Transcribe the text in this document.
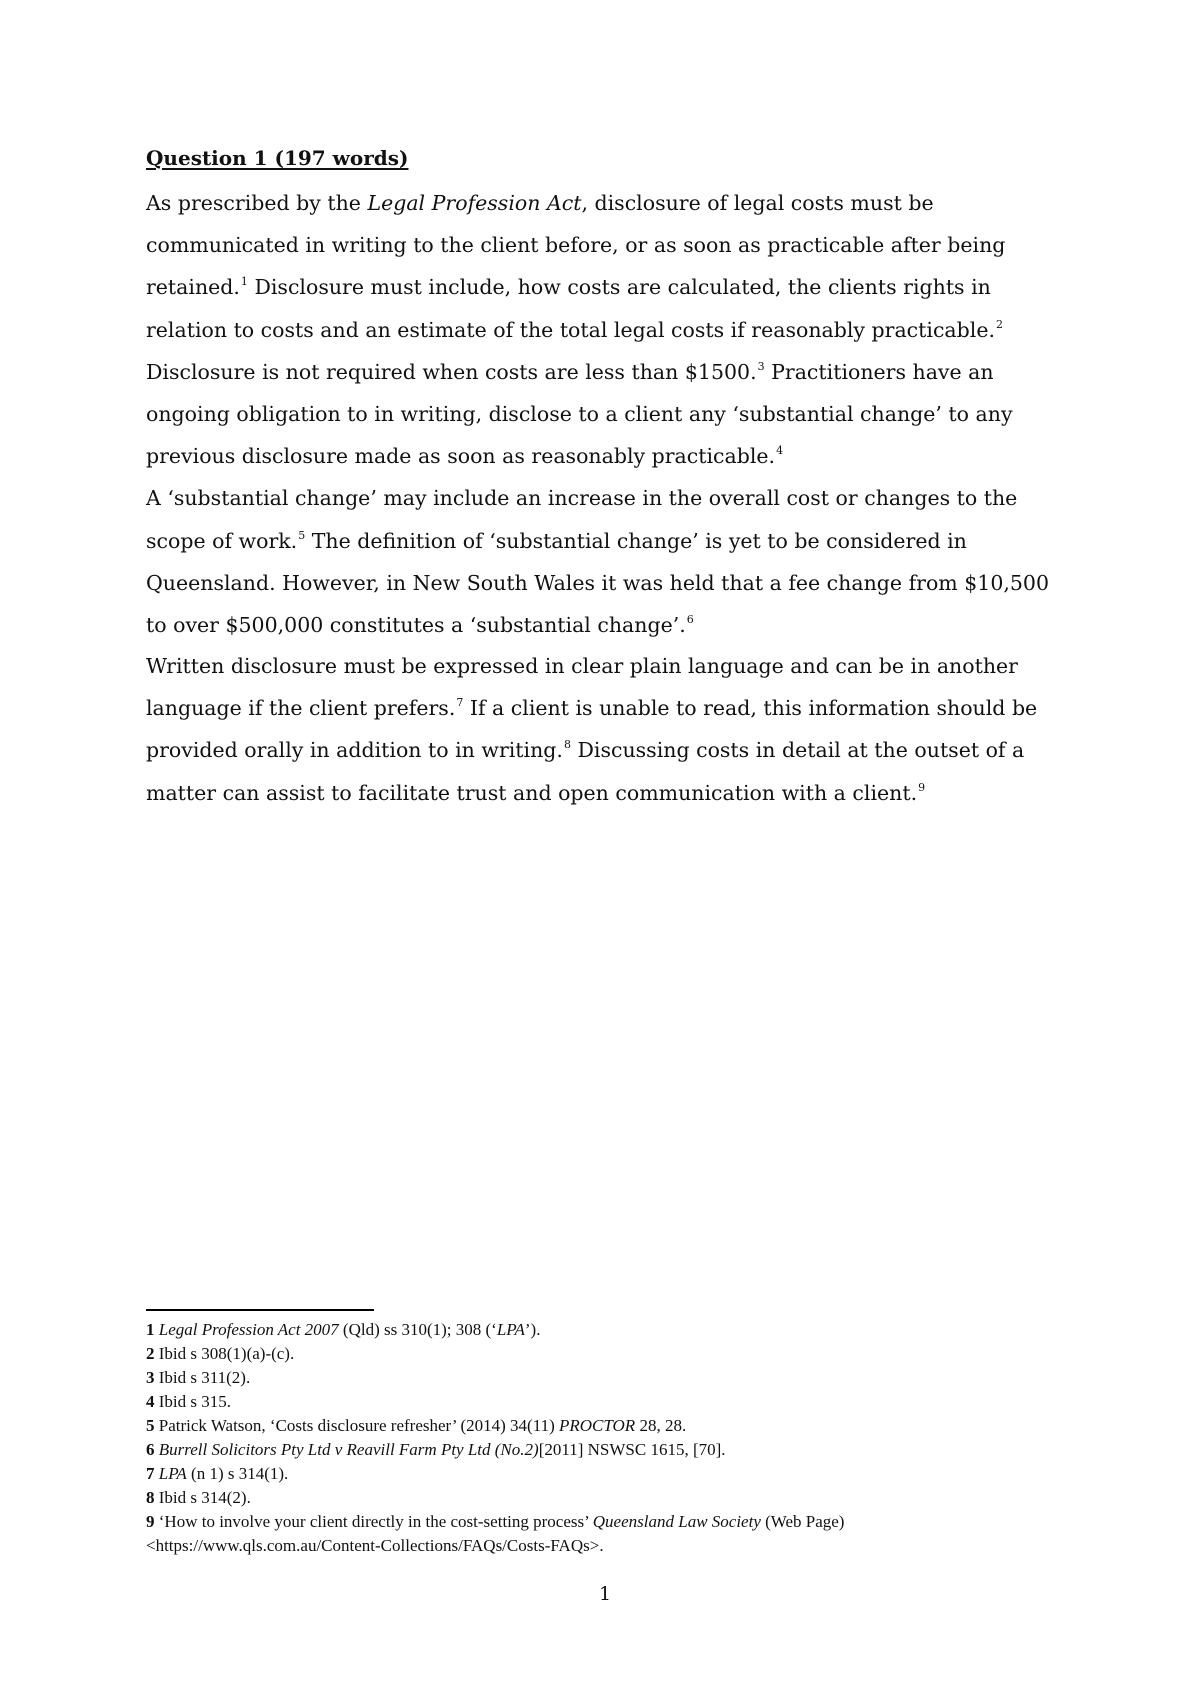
Question 1 (197 words)

As prescribed by the Legal Profession Act, disclosure of legal costs must be communicated in writing to the client before, or as soon as practicable after being retained.$^1$ Disclosure must include, how costs are calculated, the clients rights in relation to costs and an estimate of the total legal costs if reasonably practicable.$^2$ Disclosure is not required when costs are less than $1500.$^3$ Practitioners have an ongoing obligation to in writing, disclose to a client any ‘substantial change’ to any previous disclosure made as soon as reasonably practicable.$^4$
A ‘substantial change’ may include an increase in the overall cost or changes to the scope of work.$^5$ The definition of ‘substantial change’ is yet to be considered in Queensland. However, in New South Wales it was held that a fee change from $10,500 to over $500,000 constitutes a ‘substantial change’.$^6$

Written disclosure must be expressed in clear plain language and can be in another language if the client prefers.$^7$ If a client is unable to read, this information should be provided orally in addition to in writing.$^8$ Discussing costs in detail at the outset of a matter can assist to facilitate trust and open communication with a client.$^9$

1 Legal Profession Act 2007 (Qld) ss 310(1); 308 (‘LPA’).
2 Ibid s 308(1)(a)-(c).
3 Ibid s 311(2).
4 Ibid s 315.
5 Patrick Watson, ‘Costs disclosure refresher’ (2014) 34(11) PROCTOR 28, 28.
6 Burrell Solicitors Pty Ltd v Reavill Farm Pty Ltd (No.2)[2011] NSWSC 1615, [70].
7 LPA (n 1) s 314(1).
8 Ibid s 314(2).
9 ‘How to involve your client directly in the cost-setting process’ Queensland Law Society (Web Page)
<https://www.qls.com.au/Content-Collections/FAQs/Costs-FAQs>.

1
